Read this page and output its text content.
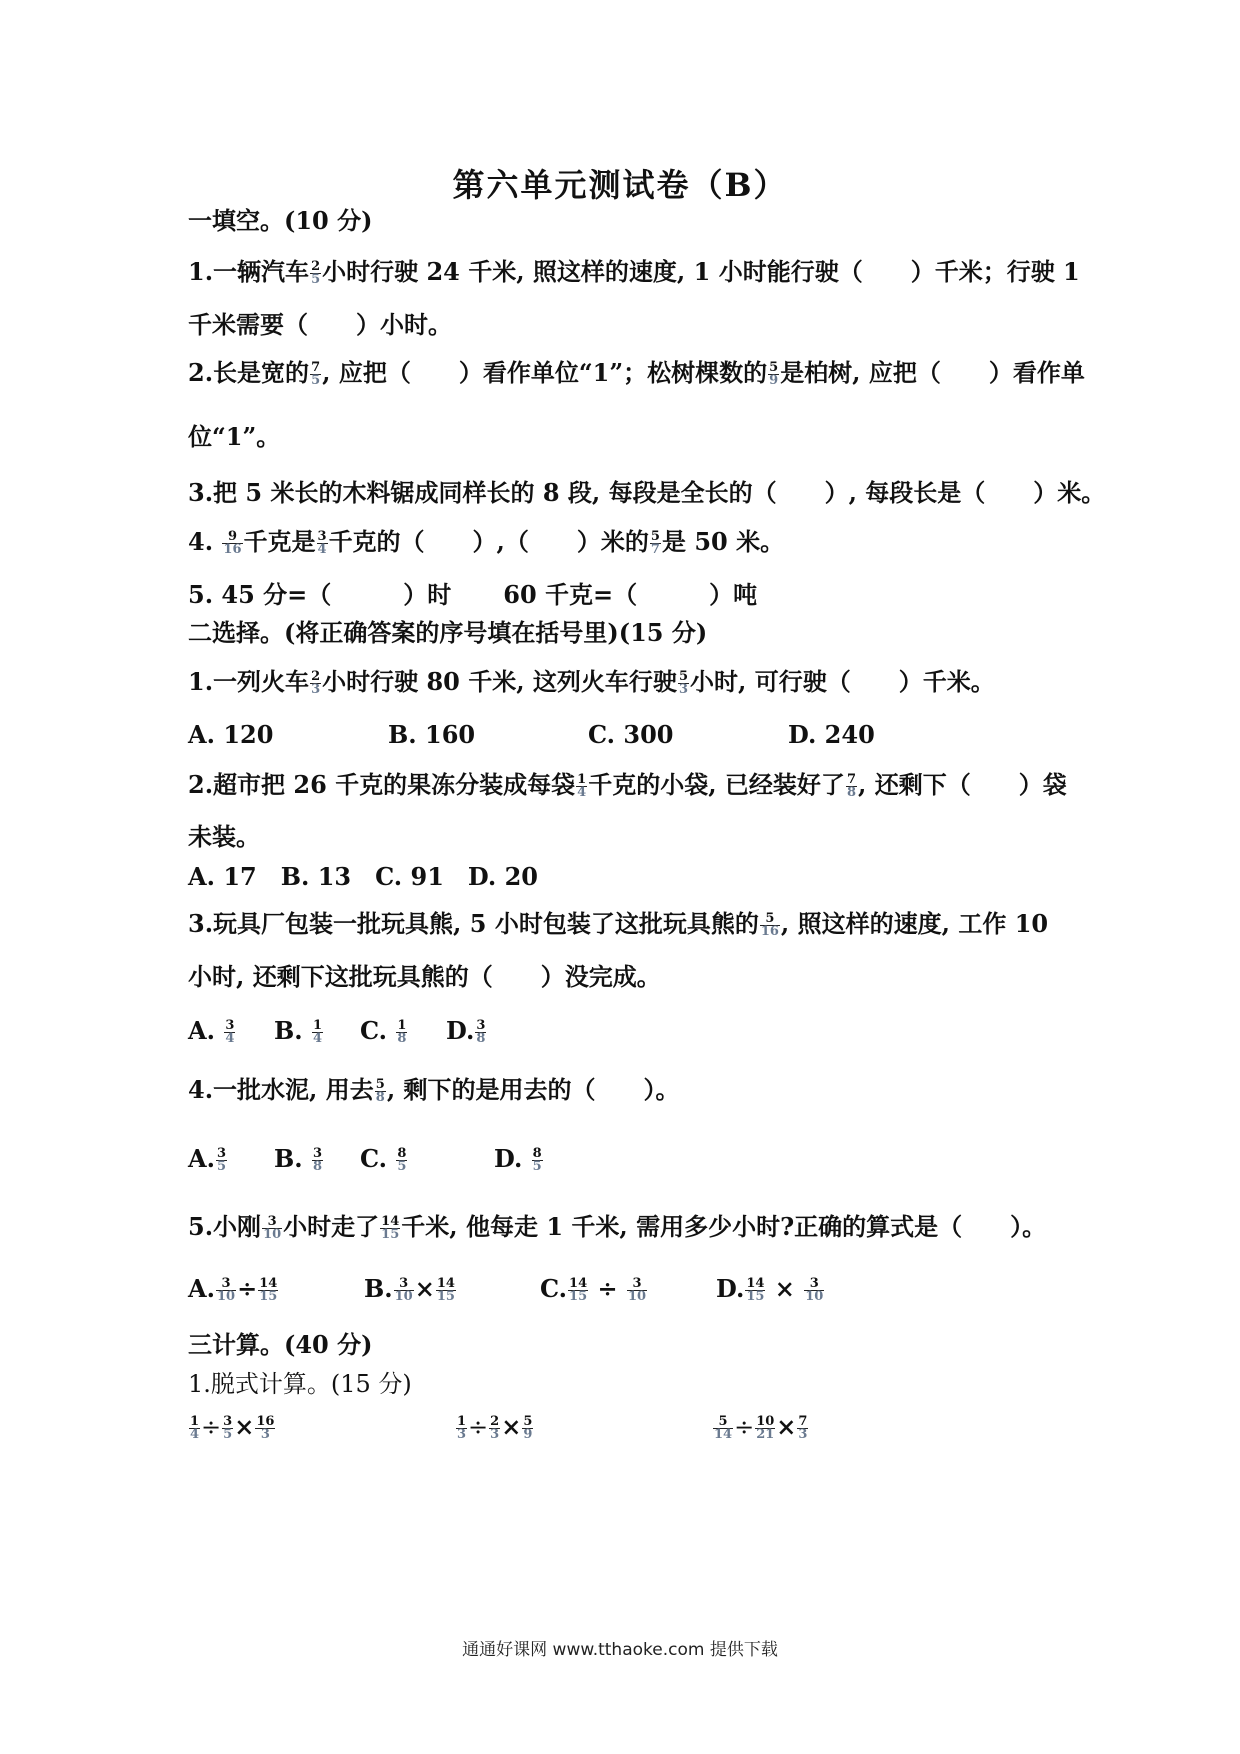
第六单元测试卷（B）
一填空。(10 分)
1.一辆汽车 $\frac{2}{5}$ 小时行驶 24 千米, 照这样的速度, 1 小时能行驶（　　）千米；行驶 1
千米需要（　　）小时。
2.长是宽的 $\frac{7}{5}$ , 应把（　　）看作单位“1”；松树棵数的 $\frac{5}{9}$ 是柏树, 应把（　　）看作单
位“1”。
3.把 5 米长的木料锯成同样长的 8 段, 每段是全长的（　　）, 每段长是（　　）米。
4. $\frac{9}{16}$ 千克是 $\frac{3}{4}$ 千克的（　　）,（　　）米的 $\frac{5}{7}$ 是 50 米。
5. 45 分=（　　　）时 60 千克=（　　　）吨
二选择。(将正确答案的序号填在括号里)(15 分)
1.一列火车 $\frac{2}{3}$ 小时行驶 80 千米, 这列火车行驶 $\frac{5}{3}$ 小时, 可行驶（　　）千米。
A. 120	B. 160	C. 300	D. 240
2.超市把 26 千克的果冻分装成每袋 $\frac{1}{4}$ 千克的小袋, 已经装好了 $\frac{7}{8}$ , 还剩下（　　）袋
未装。
A. 17　B. 13　C. 91　D. 20
3.玩具厂包装一批玩具熊, 5 小时包装了这批玩具熊的 $\frac{5}{16}$ , 照这样的速度, 工作 10
小时, 还剩下这批玩具熊的（　　）没完成。
A. $\frac{3}{4} B$. $\frac{1}{4} C$. $\frac{1}{8} D$. $\frac{3}{8}$
4.一批水泥, 用去 $\frac{5}{8}$ , 剩下的是用去的（　　）。
A. $\frac{3}{5} B$. $\frac{3}{8} C$. $\frac{8}{5}$	D. $\frac{8}{5}$
5.小刚 $\frac{3}{10}$ 小时走了 $\frac{14}{15}$ 千米, 他每走 1 千米, 需用多少小时?正确的算式是（　　）。
A. $\frac{3}{10} \div \frac{14}{15}$	B. $\frac{3}{10} \times \frac{14}{15}$	C. $\frac{14}{15} \div \frac{3}{10}$	D. $\frac{14}{15} \times \frac{3}{10}$
三计算。(40 分)
1.脱式计算。(15 分)
$\frac{1}{4} \div \frac{3}{5} \times \frac{16}{3}$	$\frac{1}{3} \div \frac{2}{3} \times \frac{5}{9}$	$\frac{5}{14} \div \frac{10}{21} \times \frac{7}{3}$
通通好课网 www.tthaoke.com 提供下载
